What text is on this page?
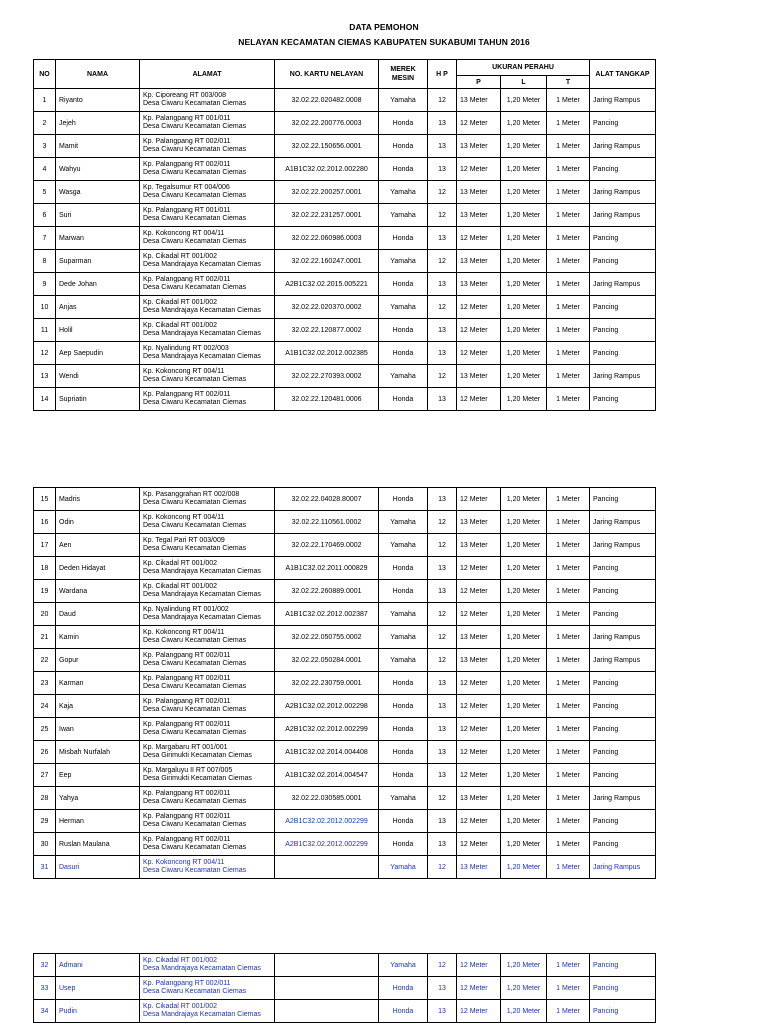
DATA PEMOHON
NELAYAN KECAMATAN CIEMAS KABUPATEN SUKABUMI TAHUN 2016
NO	NAMA	ALAMAT	NO. KARTU NELAYAN	MEREK MESIN	H P	UKURAN PERAHU			ALAT TANGKAP
						P	L	T	
1	Riyanto	Kp. Ciporeang RT 003/008
Desa Ciwaru Kecamatan Ciemas	32.02.22.020482.0008	Yamaha	12	13 Meter	1,20 Meter	1 Meter	Jaring Rampus
2	Jejeh	Kp. Palangpang RT 001/011
Desa Ciwaru Kecamatan Ciemas	32.02.22.200776.0003	Honda	13	12 Meter	1,20 Meter	1 Meter	Pancing
3	Mamit	Kp. Palangpang RT 002/011
Desa Ciwaru Kecamatan Ciemas	32.02.22.150656.0001	Honda	13	13 Meter	1,20 Meter	1 Meter	Jaring Rampus
4	Wahyu	Kp. Palangpang RT 002/011
Desa Ciwaru Kecamatan Ciemas	A1B1C32.02.2012.002280	Honda	13	12 Meter	1,20 Meter	1 Meter	Pancing
5	Wasga	Kp. Tegalsumur RT 004/006
Desa Ciwaru Kecamatan Ciemas	32.02.22.200257.0001	Yamaha	12	13 Meter	1,20 Meter	1 Meter	Jaring Rampus
6	Suri	Kp. Palangpang RT 001/011
Desa Ciwaru Kecamatan Ciemas	32.02.22.231257.0001	Yamaha	12	13 Meter	1,20 Meter	1 Meter	Jaring Rampus
7	Marwan	Kp. Kokoncong RT 004/11
Desa Ciwaru Kecamatan Ciemas	32.02.22.060986.0003	Honda	13	12 Meter	1,20 Meter	1 Meter	Pancing
8	Suparman	Kp. Cikadal RT 001/002
Desa Mandrajaya Kecamatan Ciemas	32.02.22.160247.0001	Yamaha	12	13 Meter	1,20 Meter	1 Meter	Pancing
9	Dede Johan	Kp. Palangpang RT 002/011
Desa Ciwaru Kecamatan Ciemas	A2B1C32.02.2015.005221	Honda	13	13 Meter	1,20 Meter	1 Meter	Jaring Rampus
10	Anjas	Kp. Cikadal RT 001/002
Desa Mandrajaya Kecamatan Ciemas	32.02.22.020370.0002	Yamaha	12	12 Meter	1,20 Meter	1 Meter	Pancing
11	Holil	Kp. Cikadal RT 001/002
Desa Mandrajaya Kecamatan Ciemas	32.02.22.120877.0002	Honda	13	12 Meter	1,20 Meter	1 Meter	Pancing
12	Aep Saepudin	Kp. Nyalindung RT 002/003
Desa Mandrajaya Kecamatan Ciemas	A1B1C32.02.2012.002385	Honda	13	12 Meter	1,20 Meter	1 Meter	Pancing
13	Wendi	Kp. Kokoncong RT 004/11
Desa Ciwaru Kecamatan Ciemas	32.02.22.270393.0002	Yamaha	12	13 Meter	1,20 Meter	1 Meter	Jaring Rampus
14	Supriatin	Kp. Palangpang RT 002/011
Desa Ciwaru Kecamatan Ciemas	32.02.22.120481.0006	Honda	13	12 Meter	1,20 Meter	1 Meter	Pancing
15	Madris	Kp. Pasanggrahan RT 002/008
Desa Ciwaru Kecamatan Ciemas	32.02.22.04028.80007	Honda	13	12 Meter	1,20 Meter	1 Meter	Pancing
16	Odin	Kp. Kokoncong RT 004/11
Desa Ciwaru Kecamatan Ciemas	32.02.22.110561.0002	Yamaha	12	13 Meter	1,20 Meter	1 Meter	Jaring Rampus
17	Aen	Kp. Tegal Pari RT 003/009
Desa Ciwaru Kecamatan Ciemas	32.02.22.170469.0002	Yamaha	12	13 Meter	1,20 Meter	1 Meter	Jaring Rampus
18	Deden Hidayat	Kp. Cikadal RT 001/002
Desa Mandrajaya Kecamatan Ciemas	A1B1C32.02.2011.000829	Honda	13	12 Meter	1,20 Meter	1 Meter	Pancing
19	Wardana	Kp. Cikadal RT 001/002
Desa Mandrajaya Kecamatan Ciemas	32.02.22.260889.0001	Honda	13	12 Meter	1,20 Meter	1 Meter	Pancing
20	Daud	Kp. Nyalindung RT 001/002
Desa Mandrajaya Kecamatan Ciemas	A1B1C32.02.2012.002387	Yamaha	12	12 Meter	1,20 Meter	1 Meter	Pancing
21	Kamin	Kp. Kokoncong RT 004/11
Desa Ciwaru Kecamatan Ciemas	32.02.22.050755.0002	Yamaha	12	13 Meter	1,20 Meter	1 Meter	Jaring Rampus
22	Gopur	Kp. Palangpang RT 002/011
Desa Ciwaru Kecamatan Ciemas	32.02.22.050284.0001	Yamaha	12	13 Meter	1,20 Meter	1 Meter	Jaring Rampus
23	Karman	Kp. Palangpang RT 002/011
Desa Ciwaru Kecamatan Ciemas	32.02.22.230759.0001	Honda	13	12 Meter	1,20 Meter	1 Meter	Pancing
24	Kaja	Kp. Palangpang RT 002/011
Desa Ciwaru Kecamatan Ciemas	A2B1C32.02.2012.002298	Honda	13	12 Meter	1,20 Meter	1 Meter	Pancing
25	Iwan	Kp. Palangpang RT 002/011
Desa Ciwaru Kecamatan Ciemas	A2B1C32.02.2012.002299	Honda	13	12 Meter	1,20 Meter	1 Meter	Pancing
26	Misbah Nurfalah	Kp. Margabaru RT 001/001
Desa Girimukti Kecamatan Ciemas	A1B1C32.02.2014.004408	Honda	13	12 Meter	1,20 Meter	1 Meter	Pancing
27	Eep	Kp. Margaluyu II RT 007/005
Desa Girimukti Kecamatan Ciemas	A1B1C32.02.2014.004547	Honda	13	12 Meter	1,20 Meter	1 Meter	Pancing
28	Yahya	Kp. Palangpang RT 002/011
Desa Ciwaru Kecamatan Ciemas	32.02.22.030585.0001	Yamaha	12	13 Meter	1,20 Meter	1 Meter	Jaring Rampus
29	Herman	Kp. Palangpang RT 002/011
Desa Ciwaru Kecamatan Ciemas	A2B1C32.02.2012.002299	Honda	13	12 Meter	1,20 Meter	1 Meter	Pancing
30	Ruslan Maulana	Kp. Palangpang RT 002/011
Desa Ciwaru Kecamatan Ciemas	A2B1C32.02.2012.002299	Honda	13	12 Meter	1,20 Meter	1 Meter	Pancing
31	Dasuri	Kp. Kokoncong RT 004/11
Desa Ciwaru Kecamatan Ciemas		Yamaha	12	13 Meter	1,20 Meter	1 Meter	Jaring Rampus
32	Admani	Kp. Cikadal RT 001/002
Desa Mandrajaya Kecamatan Ciemas		Yamaha	12	12 Meter	1,20 Meter	1 Meter	Pancing
33	Usep	Kp. Palangpang RT 002/011
Desa Ciwaru Kecamatan Ciemas		Honda	13	12 Meter	1,20 Meter	1 Meter	Pancing
34	Pudin	Kp. Cikadal RT 001/002
Desa Mandrajaya Kecamatan Ciemas		Honda	13	12 Meter	1,20 Meter	1 Meter	Pancing
